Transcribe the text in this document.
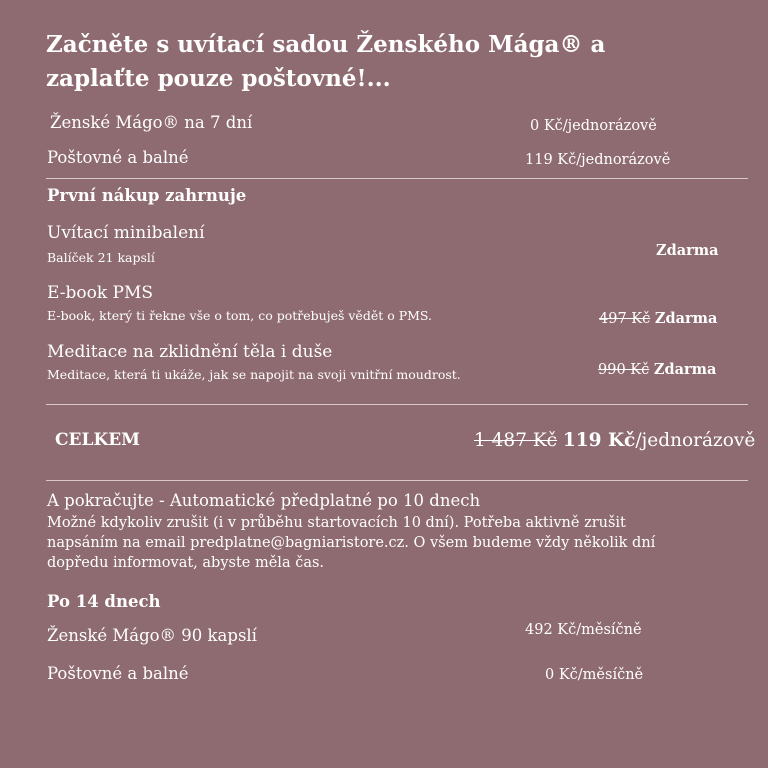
Začněte s uvítací sadou Ženského Mága® a zaplaťte pouze poštovné!...
Ženské Mágo® na 7 dní	0 Kč/jednorázově
Poštovné a balné	119 Kč/jednorázově
První nákup zahrnuje
Uvítací minibalení
Balíček 21 kapslí	Zdarma
E-book PMS
E-book, který ti řekne vše o tom, co potřebuješ vědět o PMS.	497 Kč Zdarma
Meditace na zklidnění těla i duše
Meditace, která ti ukáže, jak se napojit na svoji vnitřní moudrost.	990 Kč Zdarma
CELKEM	1 487 Kč 119 Kč/jednorázově
A pokračujte - Automatické předplatné po 10 dnech
Možné kdykoliv zrušit (i v průběhu startovacích 10 dní). Potřeba aktivně zrušit napsáním na email predplatne@bagniaristore.cz. O všem budeme vždy několik dní dopředu informovat, abyste měla čas.
Po 14 dnech
Ženské Mágo® 90 kapslí	492 Kč/měsíčně
Poštovné a balné	0 Kč/měsíčně
